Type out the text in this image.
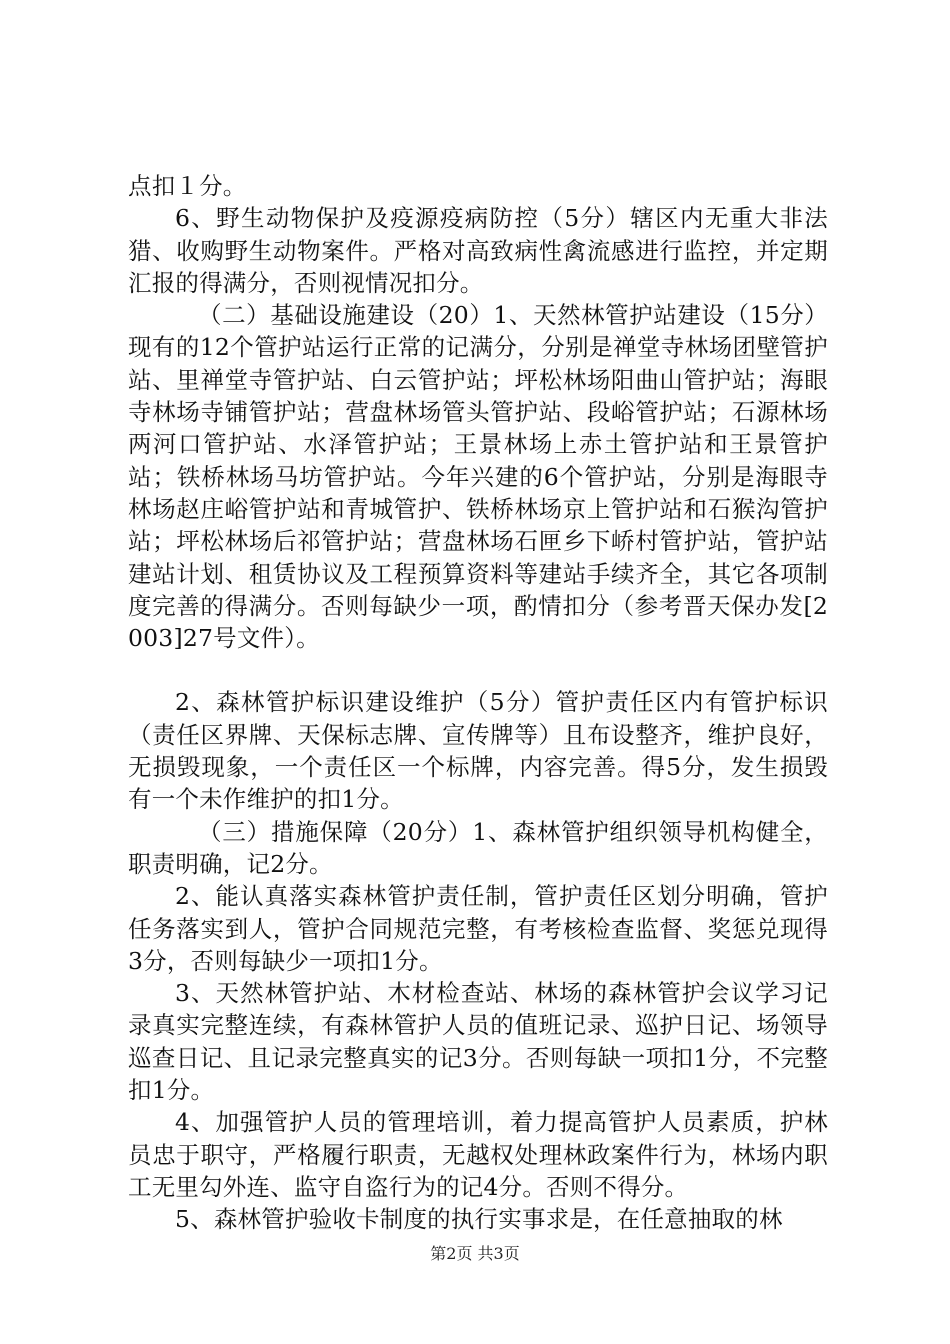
点扣１分。

6、野生动物保护及疫源疫病防控（5分）辖区内无重大非法猎、收购野生动物案件。严格对高致病性禽流感进行监控，并定期汇报的得满分，否则视情况扣分。

（二）基础设施建设（20）1、天然林管护站建设（15分）现有的12个管护站运行正常的记满分，分别是禅堂寺林场团壁管护站、里禅堂寺管护站、白云管护站；坪松林场阳曲山管护站；海眼寺林场寺铺管护站；营盘林场管头管护站、段峪管护站；石源林场两河口管护站、水泽管护站；王景林场上赤土管护站和王景管护站；铁桥林场马坊管护站。今年兴建的6个管护站，分别是海眼寺林场赵庄峪管护站和青城管护、铁桥林场京上管护站和石猴沟管护站；坪松林场后祁管护站；营盘林场石匣乡下峤村管护站，管护站建站计划、租赁协议及工程预算资料等建站手续齐全，其它各项制度完善的得满分。否则每缺少一项，酌情扣分（参考晋天保办发[2003]27号文件）。

2、森林管护标识建设维护（5分）管护责任区内有管护标识（责任区界牌、天保标志牌、宣传牌等）且布设整齐，维护良好，无损毁现象，一个责任区一个标牌，内容完善。得5分，发生损毁有一个未作维护的扣1分。

（三）措施保障（20分）1、森林管护组织领导机构健全，职责明确，记2分。

2、能认真落实森林管护责任制，管护责任区划分明确，管护任务落实到人，管护合同规范完整，有考核检查监督、奖惩兑现得3分，否则每缺少一项扣1分。

3、天然林管护站、木材检查站、林场的森林管护会议学习记录真实完整连续，有森林管护人员的值班记录、巡护日记、场领导巡查日记、且记录完整真实的记3分。否则每缺一项扣1分，不完整扣1分。

4、加强管护人员的管理培训，着力提高管护人员素质，护林员忠于职守，严格履行职责，无越权处理林政案件行为，林场内职工无里勾外连、监守自盗行为的记4分。否则不得分。

5、森林管护验收卡制度的执行实事求是，在任意抽取的林

第2页 共3页
